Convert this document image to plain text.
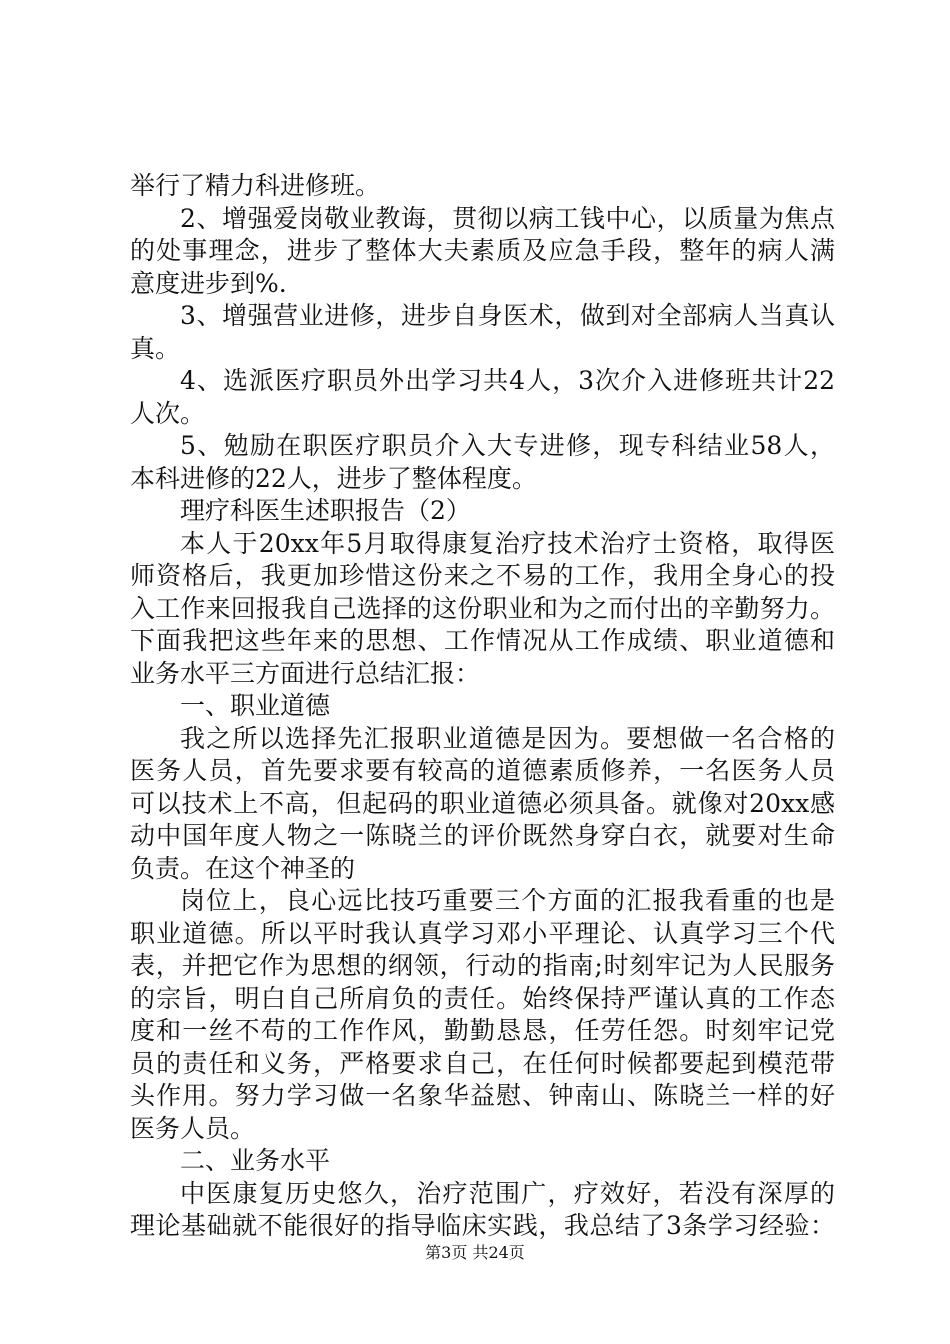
举行了精力科进修班。
2、增强爱岗敬业教诲，贯彻以病工钱中心，以质量为焦点
的处事理念，进步了整体大夫素质及应急手段，整年的病人满
意度进步到%.
3、增强营业进修，进步自身医术，做到对全部病人当真认
真。
4、选派医疗职员外出学习共4人，3次介入进修班共计22
人次。
5、勉励在职医疗职员介入大专进修，现专科结业58人，
本科进修的22人，进步了整体程度。
理疗科医生述职报告（2）
本人于20xx年5月取得康复治疗技术治疗士资格，取得医
师资格后，我更加珍惜这份来之不易的工作，我用全身心的投
入工作来回报我自己选择的这份职业和为之而付出的辛勤努力。
下面我把这些年来的思想、工作情况从工作成绩、职业道德和
业务水平三方面进行总结汇报：
一、职业道德
我之所以选择先汇报职业道德是因为。要想做一名合格的
医务人员，首先要求要有较高的道德素质修养，一名医务人员
可以技术上不高，但起码的职业道德必须具备。就像对20xx感
动中国年度人物之一陈晓兰的评价既然身穿白衣，就要对生命
负责。在这个神圣的
岗位上，良心远比技巧重要三个方面的汇报我看重的也是
职业道德。所以平时我认真学习邓小平理论、认真学习三个代
表，并把它作为思想的纲领，行动的指南;时刻牢记为人民服务
的宗旨，明白自己所肩负的责任。始终保持严谨认真的工作态
度和一丝不苟的工作作风，勤勤恳恳，任劳任怨。时刻牢记党
员的责任和义务，严格要求自己，在任何时候都要起到模范带
头作用。努力学习做一名象华益慰、钟南山、陈晓兰一样的好
医务人员。
二、业务水平
中医康复历史悠久，治疗范围广，疗效好，若没有深厚的
理论基础就不能很好的指导临床实践，我总结了3条学习经验：
第3页 共24页
